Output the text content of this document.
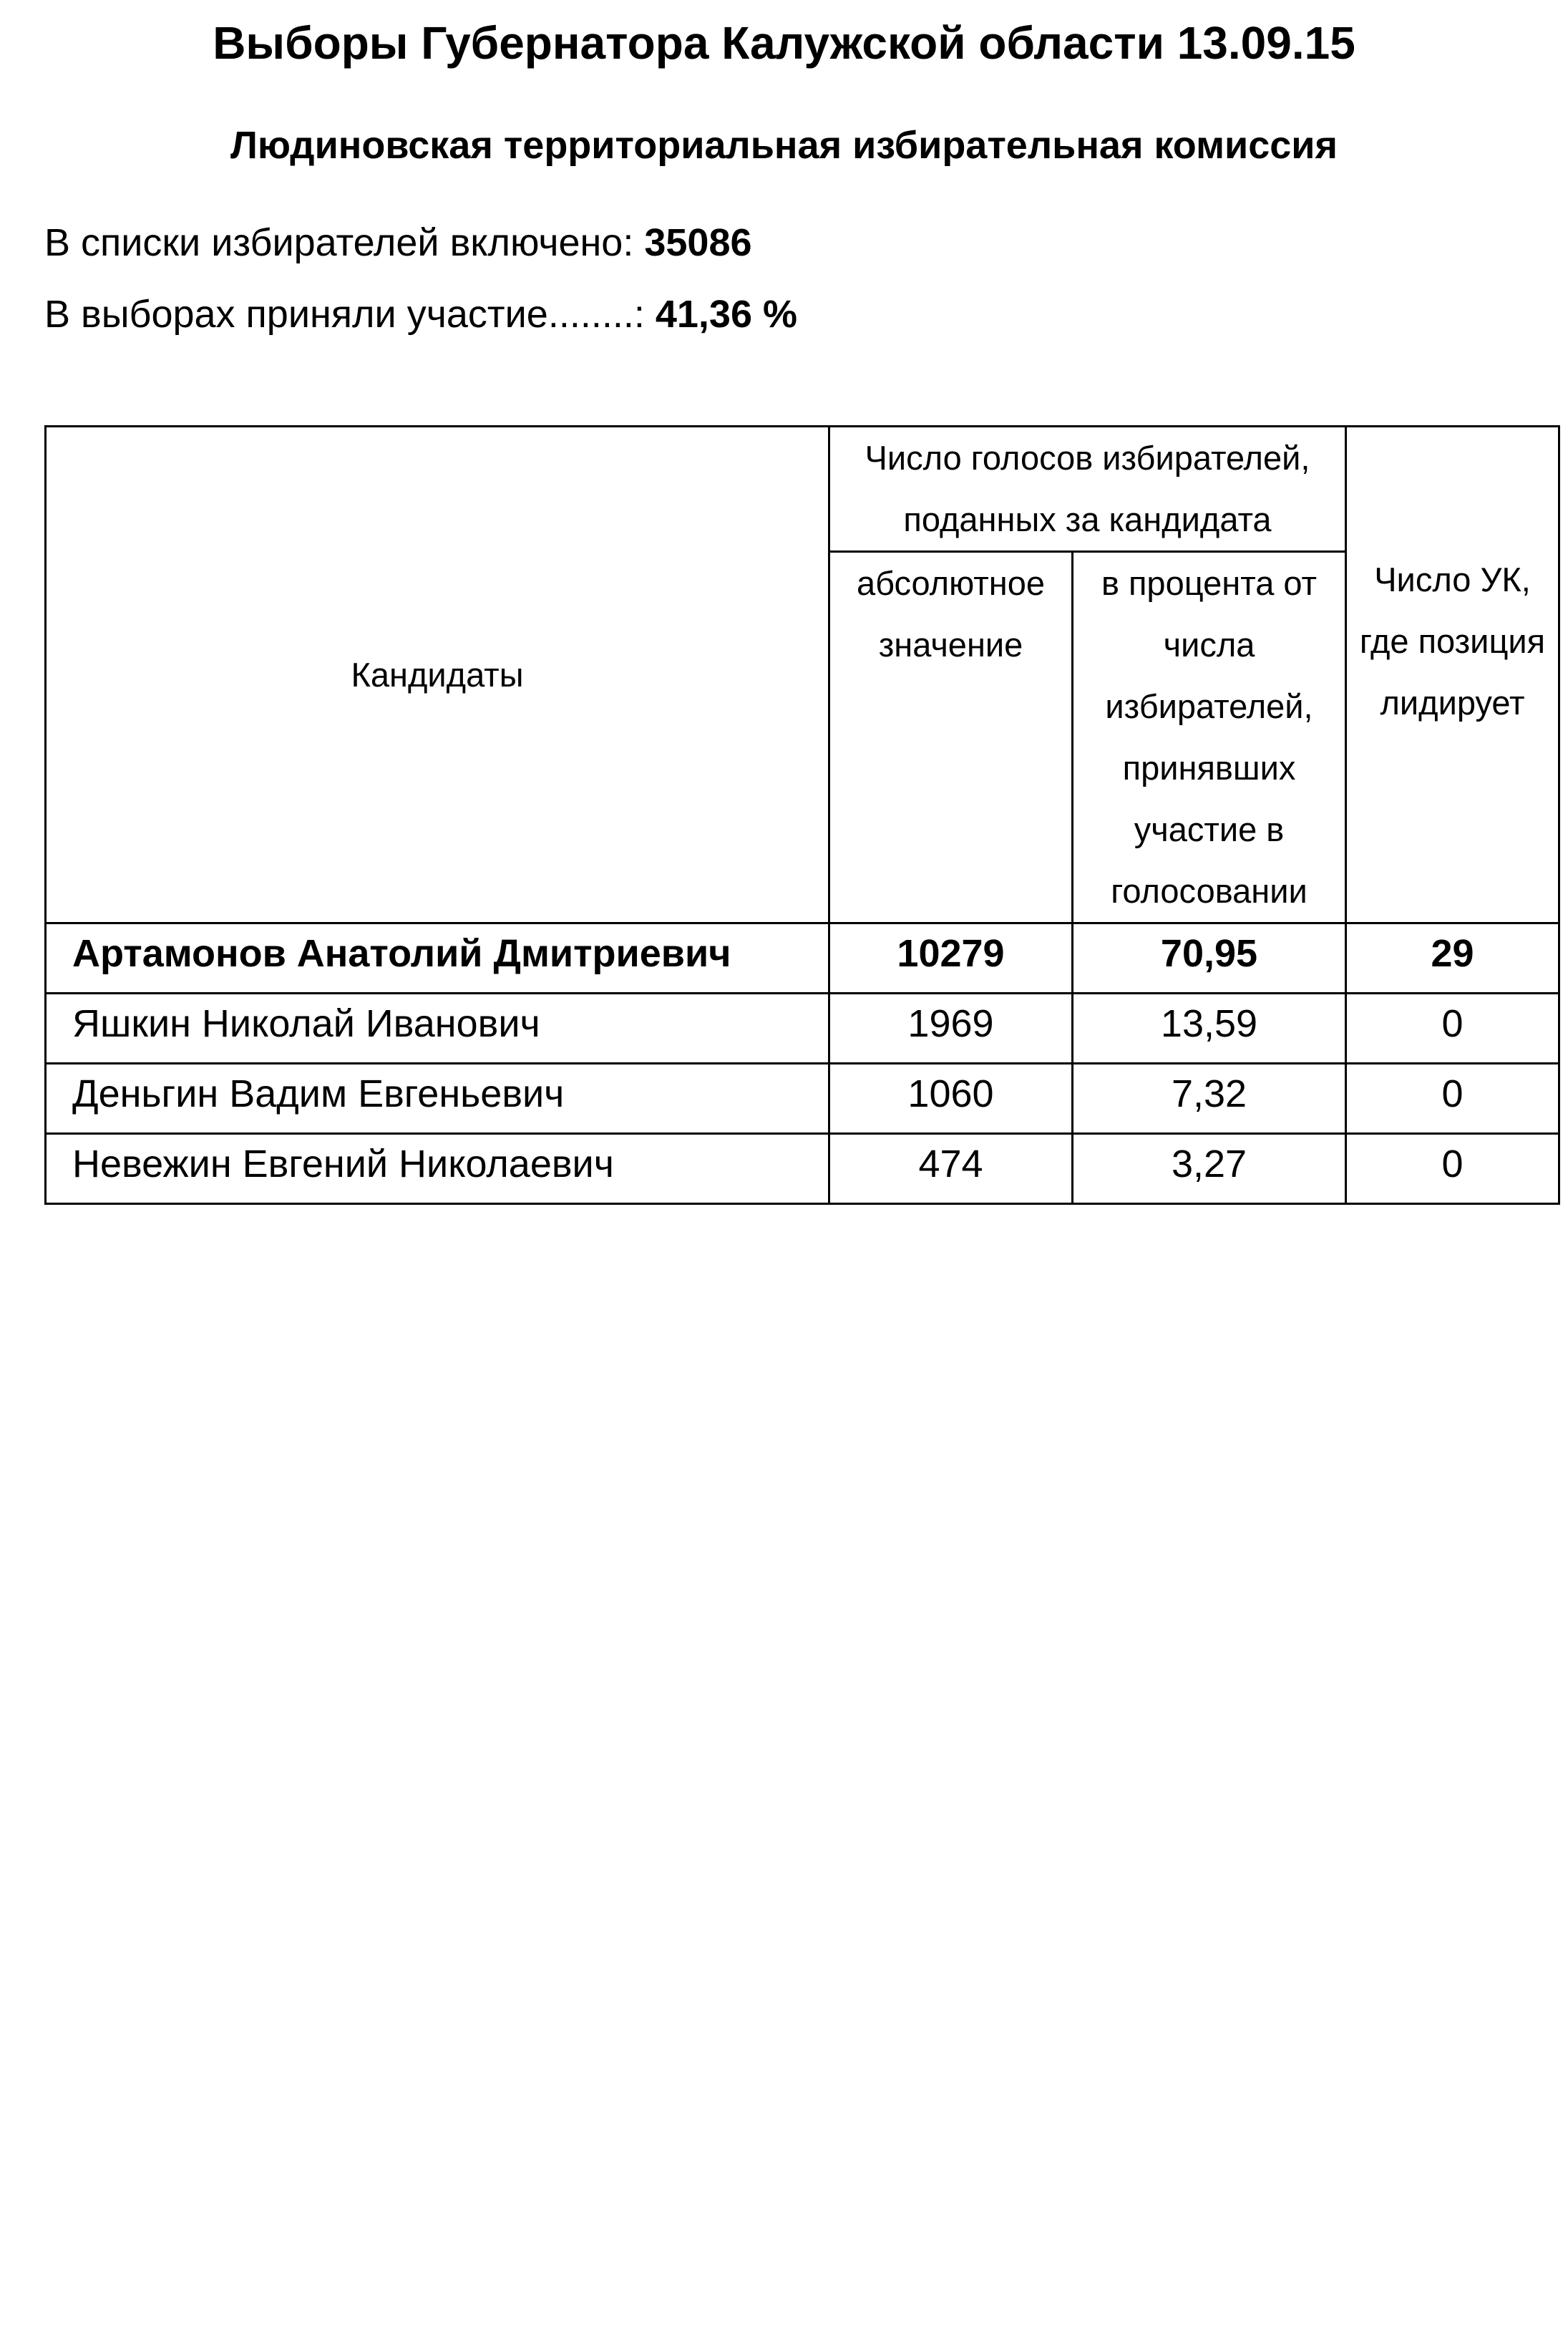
Выборы Губернатора Калужской области 13.09.15
Людиновская территориальная избирательная комиссия
В списки избирателей включено: 35086
В выборах приняли участие........: 41,36 %
Кандидаты	Число голосов избирателей, поданных за кандидата		Число УК, где позиция лидирует

	абсолютное значение	в процента от числа избирателей, принявших участие в голосовании	

Артамонов Анатолий Дмитриевич	10279	70,95	29
Яшкин Николай Иванович	1969	13,59	0
Деньгин Вадим Евгеньевич	1060	7,32	0
Невежин Евгений Николаевич	474	3,27	0
